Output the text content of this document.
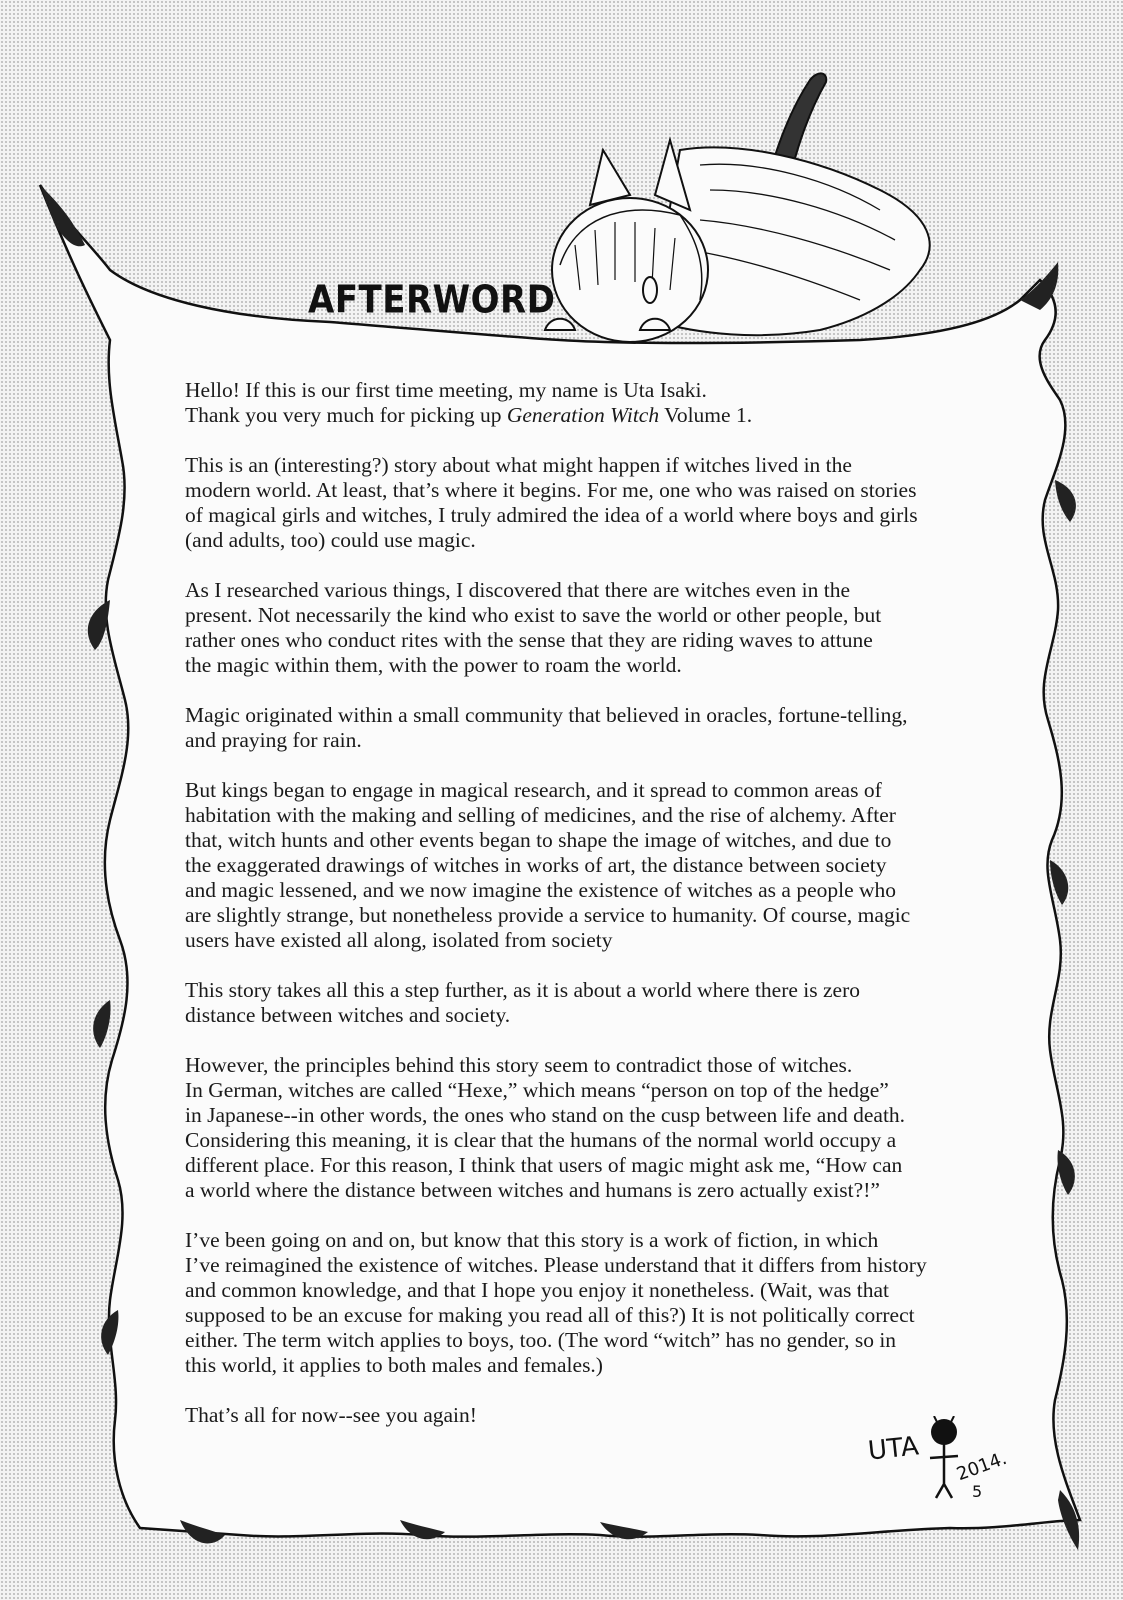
AFTERWORD

Hello! If this is our first time meeting, my name is Uta Isaki.
Thank you very much for picking up Generation Witch Volume 1.

This is an (interesting?) story about what might happen if witches lived in the
modern world. At least, that’s where it begins. For me, one who was raised on stories
of magical girls and witches, I truly admired the idea of a world where boys and girls
(and adults, too) could use magic.

As I researched various things, I discovered that there are witches even in the
present. Not necessarily the kind who exist to save the world or other people, but
rather ones who conduct rites with the sense that they are riding waves to attune
the magic within them, with the power to roam the world.

Magic originated within a small community that believed in oracles, fortune-telling,
and praying for rain.

But kings began to engage in magical research, and it spread to common areas of
habitation with the making and selling of medicines, and the rise of alchemy. After
that, witch hunts and other events began to shape the image of witches, and due to
the exaggerated drawings of witches in works of art, the distance between society
and magic lessened, and we now imagine the existence of witches as a people who
are slightly strange, but nonetheless provide a service to humanity. Of course, magic
users have existed all along, isolated from society

This story takes all this a step further, as it is about a world where there is zero
distance between witches and society.

However, the principles behind this story seem to contradict those of witches.
In German, witches are called “Hexe,” which means “person on top of the hedge”
in Japanese--in other words, the ones who stand on the cusp between life and death.
Considering this meaning, it is clear that the humans of the normal world occupy a
different place. For this reason, I think that users of magic might ask me, “How can
a world where the distance between witches and humans is zero actually exist?!”

I’ve been going on and on, but know that this story is a work of fiction, in which
I’ve reimagined the existence of witches. Please understand that it differs from history
and common knowledge, and that I hope you enjoy it nonetheless. (Wait, was that
supposed to be an excuse for making you read all of this?) It is not politically correct
either. The term witch applies to boys, too. (The word “witch” has no gender, so in
this world, it applies to both males and females.)

That’s all for now--see you again!

UTA 2014.
5
